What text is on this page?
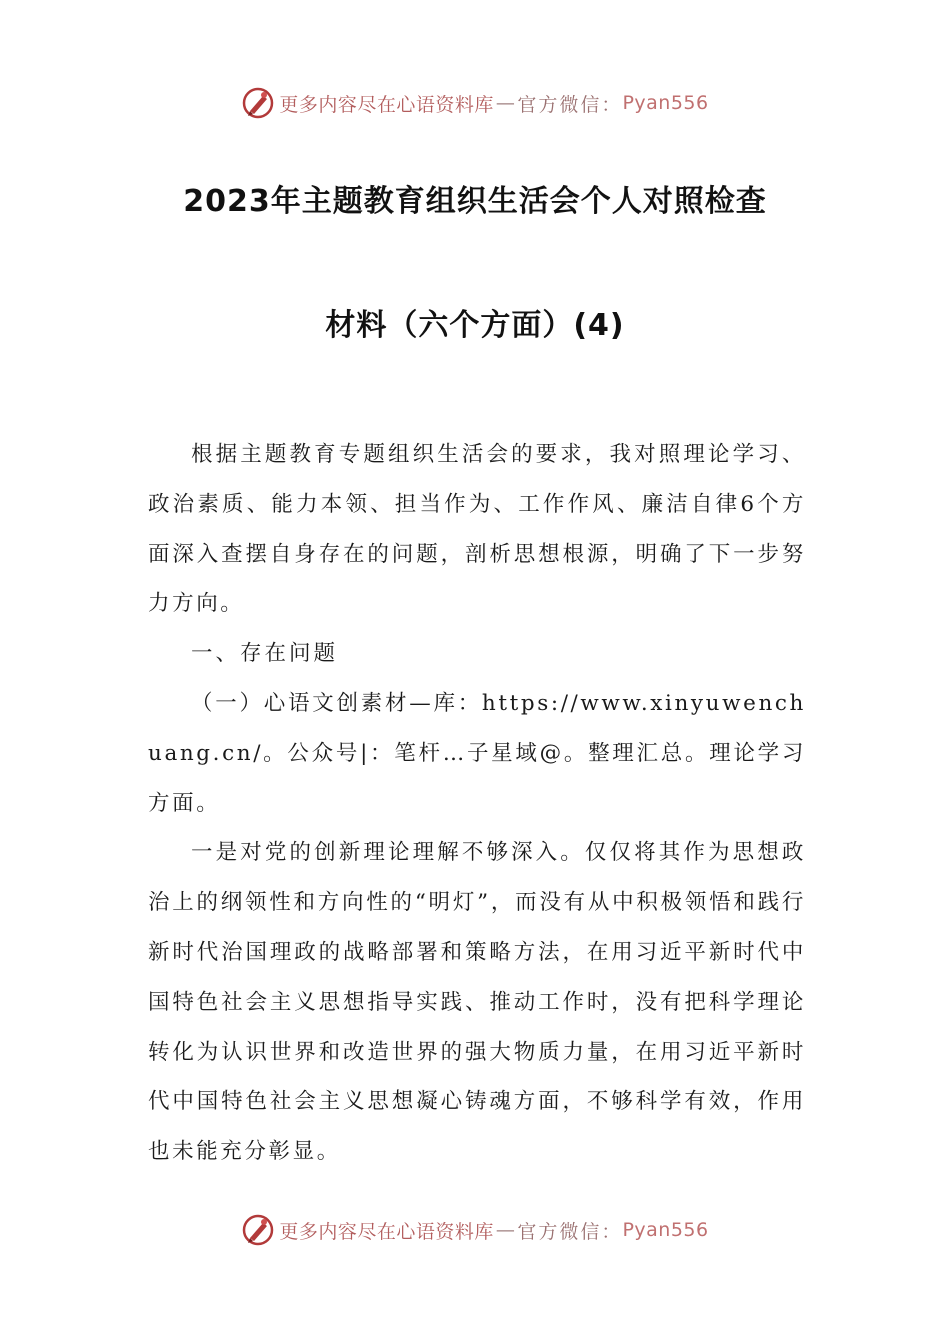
更多内容尽在心语资料库 — 官方微信： Pyan556
2023年主题教育组织生活会个人对照检查
材料（六个方面）(4)

根据主题教育专题组织生活会的要求，我对照理论学习、政治素质、能力本领、担当作为、工作作风、廉洁自律6个方面深入查摆自身存在的问题，剖析思想根源，明确了下一步努力方向。

一、存在问题

（一）心语文创素材—库：https://www.xinyuwenchuang.cn/。公众号|：笔杆…子星域@。整理汇总。理论学习方面。

一是对党的创新理论理解不够深入。仅仅将其作为思想政治上的纲领性和方向性的“明灯”，而没有从中积极领悟和践行新时代治国理政的战略部署和策略方法，在用习近平新时代中国特色社会主义思想指导实践、推动工作时，没有把科学理论转化为认识世界和改造世界的强大物质力量，在用习近平新时代中国特色社会主义思想凝心铸魂方面，不够科学有效，作用也未能充分彰显。

更多内容尽在心语资料库 — 官方微信： Pyan556
